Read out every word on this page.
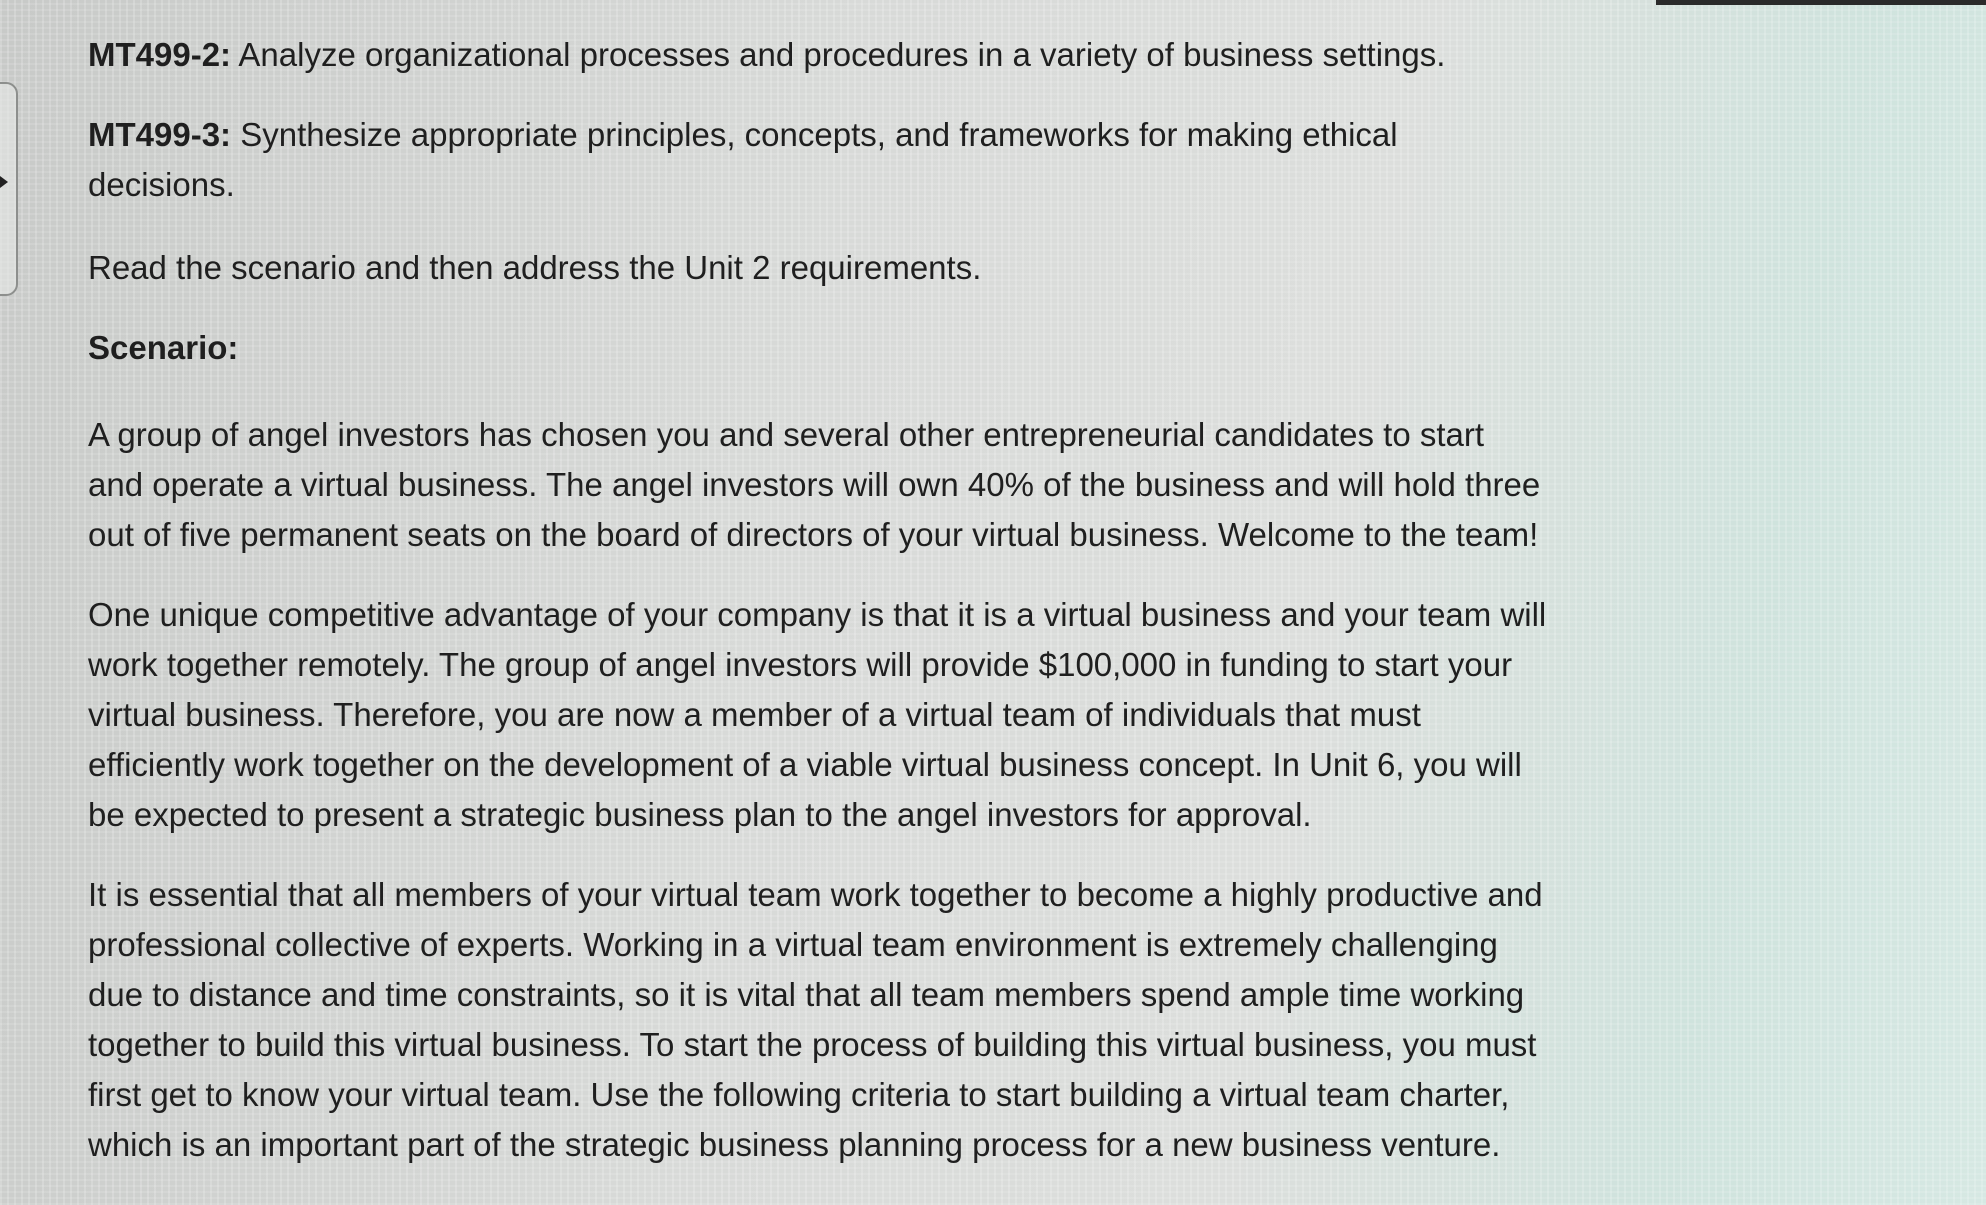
MT499-2: Analyze organizational processes and procedures in a variety of business settings.

MT499-3: Synthesize appropriate principles, concepts, and frameworks for making ethical
decisions.

Read the scenario and then address the Unit 2 requirements.

Scenario:

A group of angel investors has chosen you and several other entrepreneurial candidates to start
and operate a virtual business. The angel investors will own 40% of the business and will hold three
out of five permanent seats on the board of directors of your virtual business. Welcome to the team!
One unique competitive advantage of your company is that it is a virtual business and your team will
work together remotely. The group of angel investors will provide $100,000 in funding to start your
virtual business. Therefore, you are now a member of a virtual team of individuals that must
efficiently work together on the development of a viable virtual business concept. In Unit 6, you will
be expected to present a strategic business plan to the angel investors for approval.
It is essential that all members of your virtual team work together to become a highly productive and
professional collective of experts. Working in a virtual team environment is extremely challenging
due to distance and time constraints, so it is vital that all team members spend ample time working
together to build this virtual business. To start the process of building this virtual business, you must
first get to know your virtual team. Use the following criteria to start building a virtual team charter,
which is an important part of the strategic business planning process for a new business venture.
